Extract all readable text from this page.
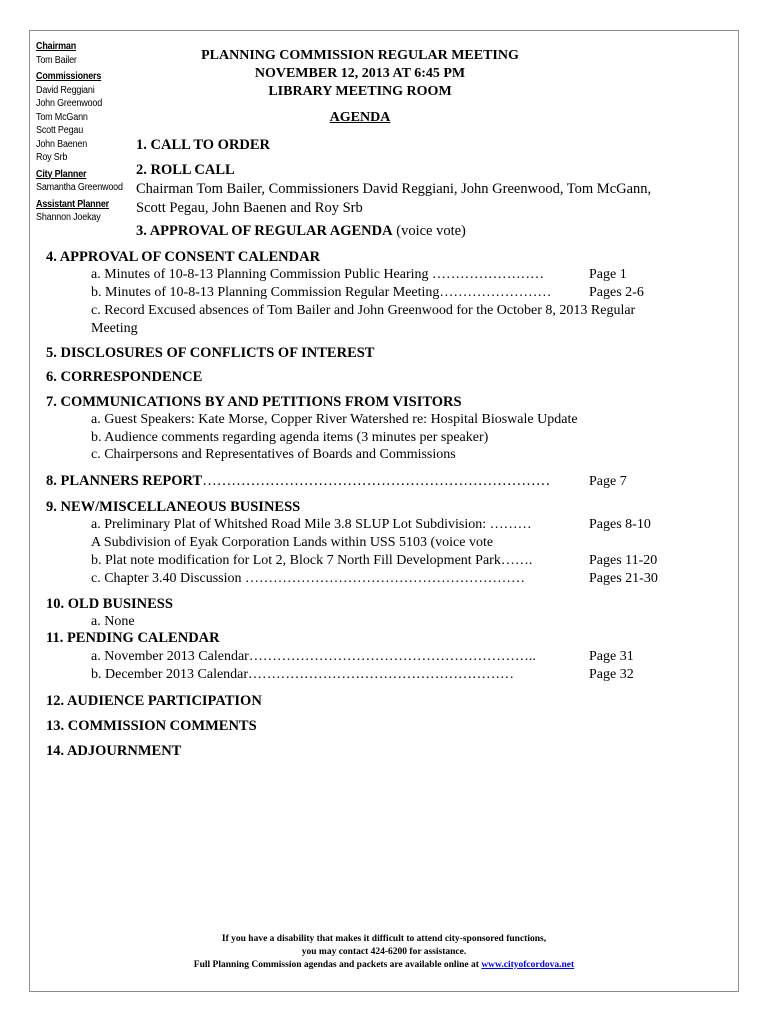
Chairman
Tom Bailer
Commissioners
David Reggiani
John Greenwood
Tom McGann
Scott Pegau
John Baenen
Roy Srb
City Planner
Samantha Greenwood
Assistant Planner
Shannon Joekay
PLANNING COMMISSION REGULAR MEETING
NOVEMBER 12, 2013 AT 6:45 PM
LIBRARY MEETING ROOM
AGENDA
1. CALL TO ORDER
2. ROLL CALL
Chairman Tom Bailer, Commissioners David Reggiani, John Greenwood, Tom McGann,
Scott Pegau, John Baenen and Roy Srb
3. APPROVAL OF REGULAR AGENDA (voice vote)
4. APPROVAL OF CONSENT CALENDAR
a. Minutes of 10-8-13 Planning Commission Public Hearing ……………………	Page 1
b. Minutes of 10-8-13 Planning Commission Regular Meeting……………………	Pages 2-6
c. Record Excused absences of Tom Bailer and John Greenwood for the October 8, 2013 Regular
Meeting
5. DISCLOSURES OF CONFLICTS OF INTEREST
6. CORRESPONDENCE
7. COMMUNICATIONS BY AND PETITIONS FROM VISITORS
a. Guest Speakers: Kate Morse, Copper River Watershed re: Hospital Bioswale Update
b. Audience comments regarding agenda items (3 minutes per speaker)
c. Chairpersons and Representatives of Boards and Commissions
8. PLANNERS REPORT………………………………………………………………	Page 7
9. NEW/MISCELLANEOUS BUSINESS
a. Preliminary Plat of Whitshed Road Mile 3.8 SLUP Lot Subdivision: ………	Pages 8-10
A Subdivision of Eyak Corporation Lands within USS 5103 (voice vote
b. Plat note modification for Lot 2, Block 7 North Fill Development Park…….	Pages 11-20
c. Chapter 3.40 Discussion ……………………………………………………	Pages 21-30
10. OLD BUSINESS
a. None
11. PENDING CALENDAR
a. November 2013 Calendar……………………………………………………..	Page 31
b. December 2013 Calendar…………………………………………………	Page 32
12. AUDIENCE PARTICIPATION
13. COMMISSION COMMENTS
14. ADJOURNMENT
If you have a disability that makes it difficult to attend city-sponsored functions,
you may contact 424-6200 for assistance.
Full Planning Commission agendas and packets are available online at www.cityofcordova.net
